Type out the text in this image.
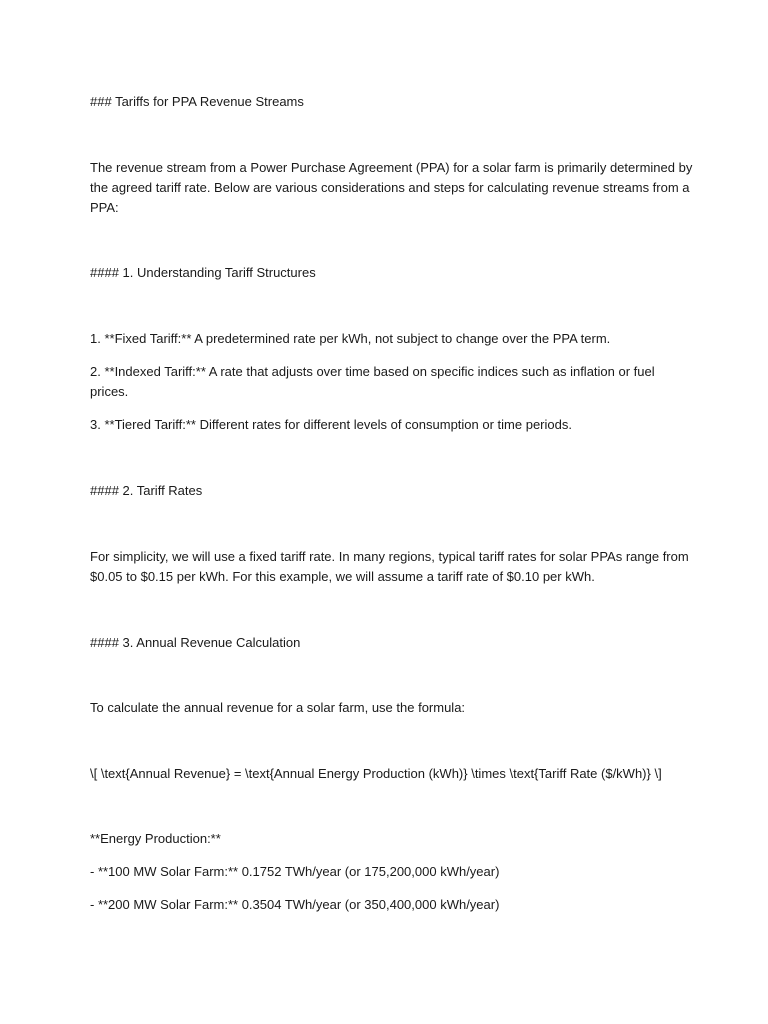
### Tariffs for PPA Revenue Streams

The revenue stream from a Power Purchase Agreement (PPA) for a solar farm is primarily determined by

the agreed tariff rate. Below are various considerations and steps for calculating revenue streams from a

PPA:

#### 1. Understanding Tariff Structures

1. **Fixed Tariff:** A predetermined rate per kWh, not subject to change over the PPA term.

2. **Indexed Tariff:** A rate that adjusts over time based on specific indices such as inflation or fuel

prices.

3. **Tiered Tariff:** Different rates for different levels of consumption or time periods.

#### 2. Tariff Rates

For simplicity, we will use a fixed tariff rate. In many regions, typical tariff rates for solar PPAs range from

$0.05 to $0.15 per kWh. For this example, we will assume a tariff rate of $0.10 per kWh.

#### 3. Annual Revenue Calculation

To calculate the annual revenue for a solar farm, use the formula:

\[ \text{Annual Revenue} = \text{Annual Energy Production (kWh)} \times \text{Tariff Rate ($/kWh)} \]

**Energy Production:**

- **100 MW Solar Farm:** 0.1752 TWh/year (or 175,200,000 kWh/year)

- **200 MW Solar Farm:** 0.3504 TWh/year (or 350,400,000 kWh/year)
